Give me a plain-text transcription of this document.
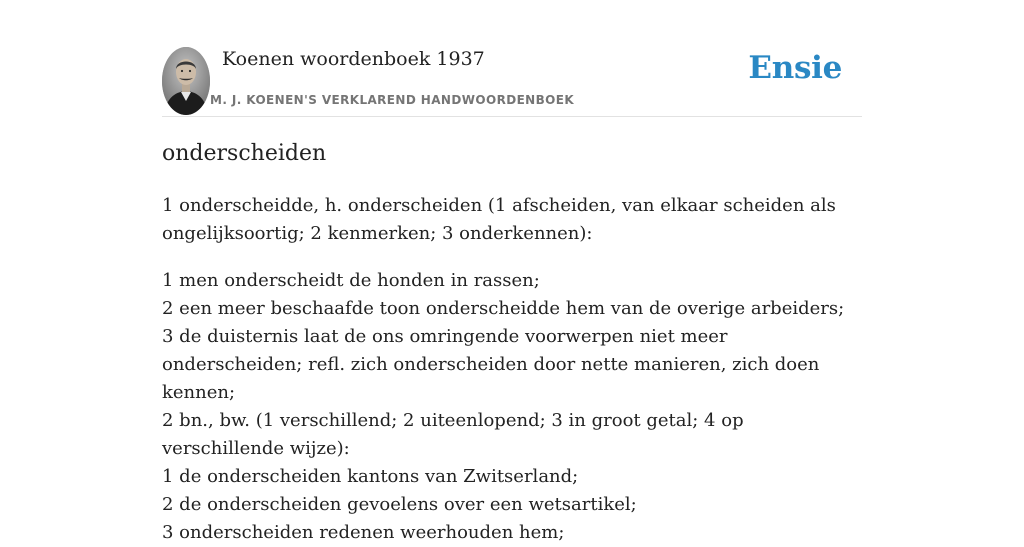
Koenen woordenboek 1937
M. J. KOENEN'S VERKLAREND HANDWOORDENBOEK
Ensie
onderscheiden

1 onderscheidde, h. onderscheiden (1 afscheiden, van elkaar scheiden als ongelijksoortig; 2 kenmerken; 3 onderkennen):

1 men onderscheidt de honden in rassen;
2 een meer beschaafde toon onderscheidde hem van de overige arbeiders;
3 de duisternis laat de ons omringende voorwerpen niet meer onderscheiden; refl. zich onderscheiden door nette manieren, zich doen kennen;
2 bn., bw. (1 verschillend; 2 uiteenlopend; 3 in groot getal; 4 op verschillende wijze):
1 de onderscheiden kantons van Zwitserland;
2 de onderscheiden gevoelens over een wetsartikel;
3 onderscheiden redenen weerhouden hem;
